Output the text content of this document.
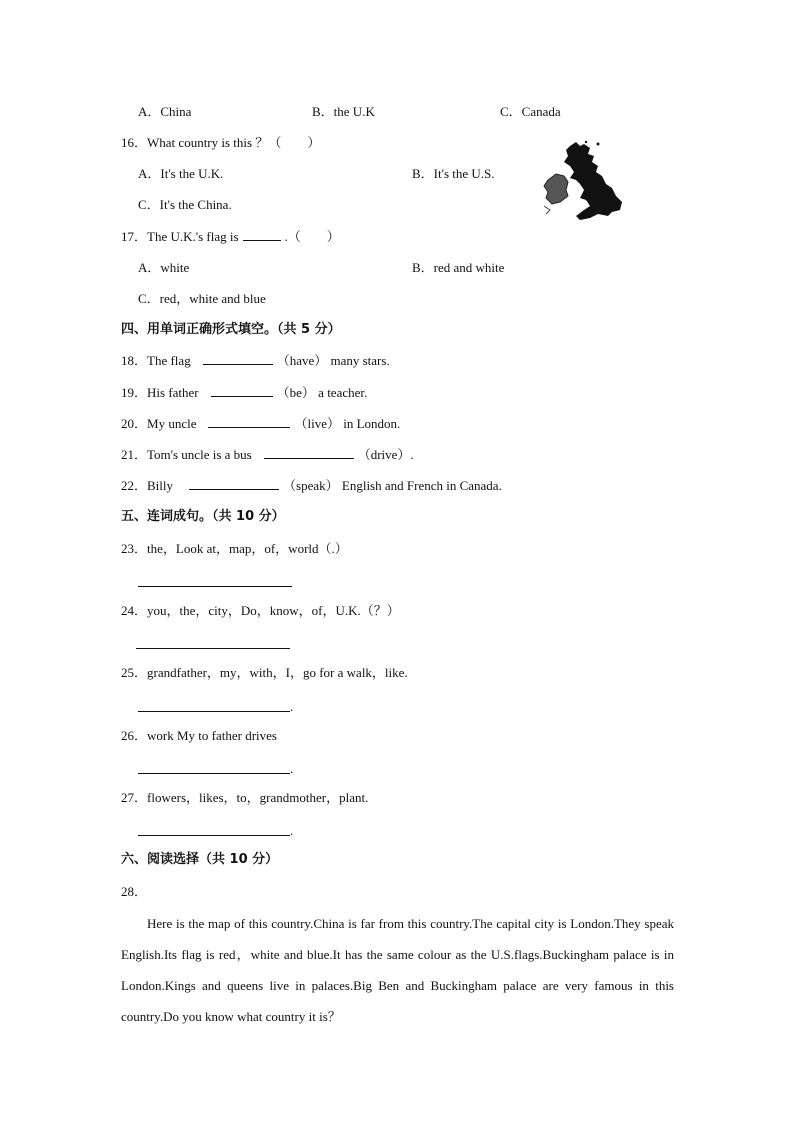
A．China	B．the U.K	C．Canada
16．What country is this ？（　　）
A．It's the U.K.	B．It's the U.S.
C．It's the China.
17．The U.K.'s flag is	.（　　）
A．white	B．red and white
C．red，white and blue
四、用单词正确形式填空。（共 5 分）
18．The flag	（have） many stars.
19．His father	（be） a teacher.
20．My uncle	（live） in London.
21．Tom's uncle is a bus	（drive）.
22．Billy	（speak） English and French in Canada.
五、连词成句。（共 10 分）
23．the，Look at，map，of，world（.）
24．you，the，city，Do，know，of，U.K.（？）
25．grandfather，my，with，I，go for a walk，like.
.
26．work My to father drives
.
27．flowers，likes，to，grandmother，plant.
.
六、阅读选择（共 10 分）
28．

Here is the map of this country.China is far from this country.The capital city is London.They speak English.Its flag is red，white and blue.It has the same colour as the U.S.flags.Buckingham palace is in London.Kings and queens live in palaces.Big Ben and Buckingham palace are very famous in this country.Do you know what country it is？
